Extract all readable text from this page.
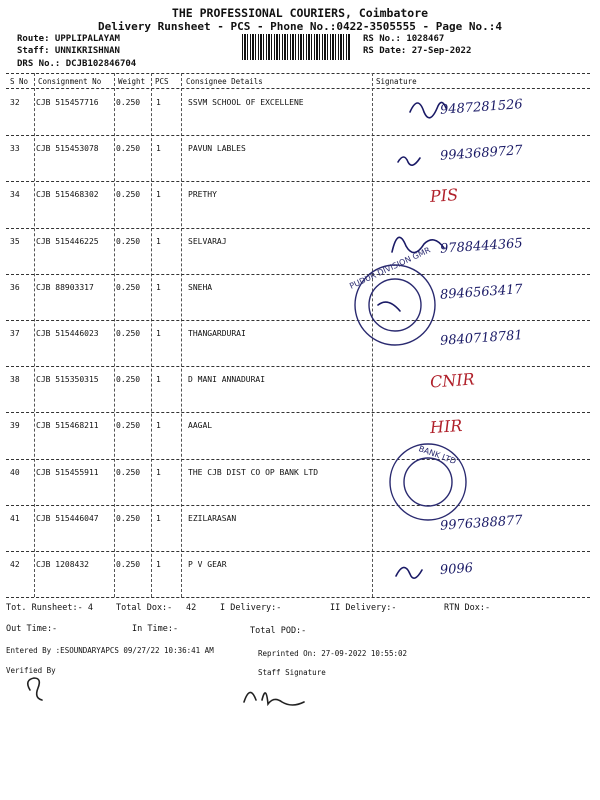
THE PROFESSIONAL COURIERS, Coimbatore
Delivery Runsheet - PCS - Phone No.:0422-3505555 - Page No.:4
Route: UPPLIPALAYAM
Staff: UNNIKRISHNAN
DRS No.: DCJB102846704
RS No.: 1028467
RS Date: 27-Sep-2022
S No Consignment No Weight PCS Consignee Details	Signature
32 CJB 515457716 0.250 1	SSVM SCHOOL OF EXCELLENE	9487281526
33 CJB 515453078 0.250 1	PAVUN LABLES	9943689727
34 CJB 515468302 0.250 1	PRETHY	PIS
35 CJB 515446225 0.250 1	SELVARAJ	9788444365
36 CJB 88903317	0.250 1	SNEHA	8946563417
37 CJB 515446023 0.250 1	THANGARDURAI	9840718781
38 CJB 515350315 0.250 1	D MANI ANNADURAI	CNIR
39 CJB 515468211 0.250 1	AAGAL	HIR
40 CJB 515455911 0.250 1	THE CJB DIST CO OP BANK LTD
41 CJB 515446047 0.250 1	EZILARASAN	9976388877
42 CJB 1208432	0.250 1	P V GEAR	9096
PUDUR DIVISION GMR
BANK LTD
Tot. Runsheet:- 4	Total Dox:- 42	I Delivery:-	II Delivery:-	RTN Dox:-
Out Time:-	In Time:-	Total POD:-
Entered By :ESOUNDARYAPCS 09/27/22 10:36:41 AM	Reprinted On: 27-09-2022 10:55:02
Verified By	Staff Signature
